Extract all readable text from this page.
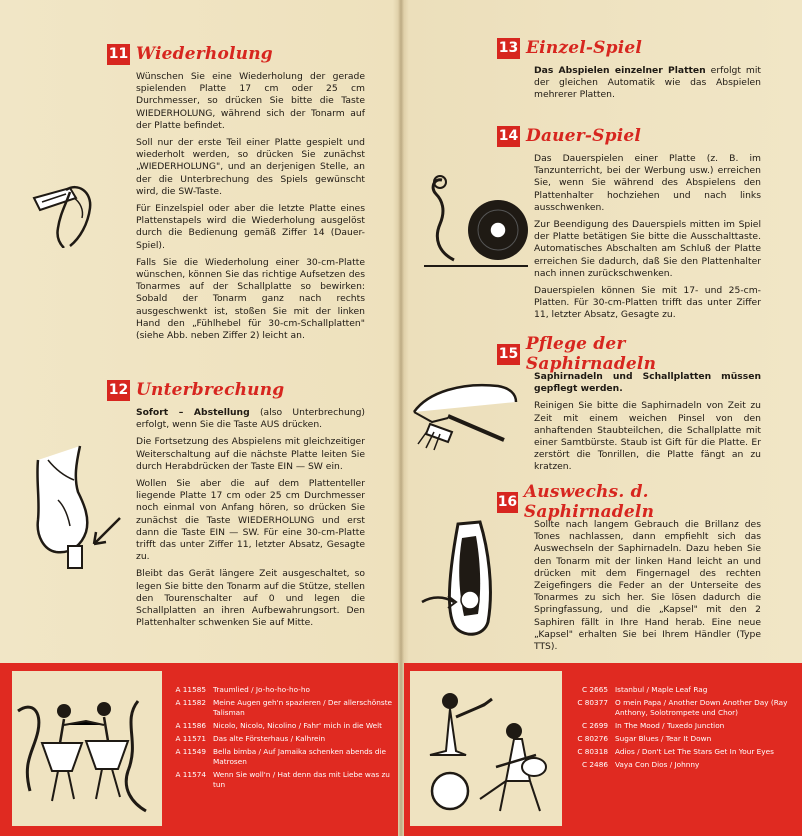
11 Wiederholung

Wünschen Sie eine Wiederholung der gerade spielenden Platte 17 cm oder 25 cm Durchmesser, so drücken Sie bitte die Taste WIEDERHOLUNG, während sich der Tonarm auf der Platte befindet.

Soll nur der erste Teil einer Platte gespielt und wiederholt werden, so drücken Sie zunächst „WIEDERHOLUNG", und an derjenigen Stelle, an der die Unterbrechung des Spiels gewünscht wird, die SW-Taste.

Für Einzelspiel oder aber die letzte Platte eines Plattenstapels wird die Wiederholung ausgelöst durch die Bedienung gemäß Ziffer 14 (Dauer-Spiel).

Falls Sie die Wiederholung einer 30-cm-Platte wünschen, können Sie das richtige Aufsetzen des Tonarmes auf der Schallplatte so bewirken: Sobald der Tonarm ganz nach rechts ausgeschwenkt ist, stoßen Sie mit der linken Hand den „Fühlhebel für 30-cm-Schallplatten" (siehe Abb. neben Ziffer 2) leicht an.

12 Unterbrechung

Sofort – Abstellung (also Unterbrechung) erfolgt, wenn Sie die Taste AUS drücken.

Die Fortsetzung des Abspielens mit gleichzeitiger Weiterschaltung auf die nächste Platte leiten Sie durch Herabdrücken der Taste EIN — SW ein.

Wollen Sie aber die auf dem Plattenteller liegende Platte 17 cm oder 25 cm Durchmesser noch einmal von Anfang hören, so drücken Sie zunächst die Taste WIEDERHOLUNG und erst dann die Taste EIN — SW. Für eine 30-cm-Platte trifft das unter Ziffer 11, letzter Absatz, Gesagte zu.

Bleibt das Gerät längere Zeit ausgeschaltet, so legen Sie bitte den Tonarm auf die Stütze, stellen den Tourenschalter auf 0 und legen die Schallplatten an ihren Aufbewahrungsort. Den Plattenhalter schwenken Sie auf Mitte.

13 Einzel-Spiel

Das Abspielen einzelner Platten erfolgt mit der gleichen Automatik wie das Abspielen mehrerer Platten.

14 Dauer-Spiel

Das Dauerspielen einer Platte (z. B. im Tanzunterricht, bei der Werbung usw.) erreichen Sie, wenn Sie während des Abspielens den Plattenhalter hochziehen und nach links ausschwenken.

Zur Beendigung des Dauerspiels mitten im Spiel der Platte betätigen Sie bitte die Ausschalttaste. Automatisches Abschalten am Schluß der Platte erreichen Sie dadurch, daß Sie den Plattenhalter nach innen zurückschwenken.

Dauerspielen können Sie mit 17- und 25-cm-Platten. Für 30-cm-Platten trifft das unter Ziffer 11, letzter Absatz, Gesagte zu.

15 Pflege der Saphirnadeln

Saphirnadeln und Schallplatten müssen gepflegt werden.

Reinigen Sie bitte die Saphirnadeln von Zeit zu Zeit mit einem weichen Pinsel von den anhaftenden Staubteilchen, die Schallplatte mit einer Samtbürste. Staub ist Gift für die Platte. Er zerstört die Tonrillen, die Platte fängt an zu kratzen.

16 Auswechs. d. Saphirnadeln

Sollte nach langem Gebrauch die Brillanz des Tones nachlassen, dann empfiehlt sich das Auswechseln der Saphirnadeln. Dazu heben Sie den Tonarm mit der linken Hand leicht an und drücken mit dem Fingernagel des rechten Zeigefingers die Feder an der Unterseite des Tonarmes zu sich her. Sie lösen dadurch die Springfassung, und die „Kapsel" mit den 2 Saphiren fällt in Ihre Hand herab. Eine neue „Kapsel" erhalten Sie bei Ihrem Händler (Type TTS).

A 11585 Traumlied / Jo-ho-ho-ho-ho
A 11582 Meine Augen geh'n spazieren / Der allerschönste Talisman
A 11586 Nicolo, Nicolo, Nicolino / Fahr' mich in die Welt
A 11571 Das alte Försterhaus / Kalhrein
A 11549 Bella bimba / Auf Jamaika schenken abends die Matrosen
A 11574 Wenn Sie woll'n / Hat denn das mit Liebe was zu tun
C 2665 Istanbul / Maple Leaf Rag
C 80377 O mein Papa / Another Down Another Day (Ray Anthony, Solotrompete und Chor)
C 2699 In The Mood / Tuxedo Junction
C 80276 Sugar Blues / Tear It Down
C 80318 Adios / Don't Let The Stars Get In Your Eyes
C 2486 Vaya Con Dios / Johnny
